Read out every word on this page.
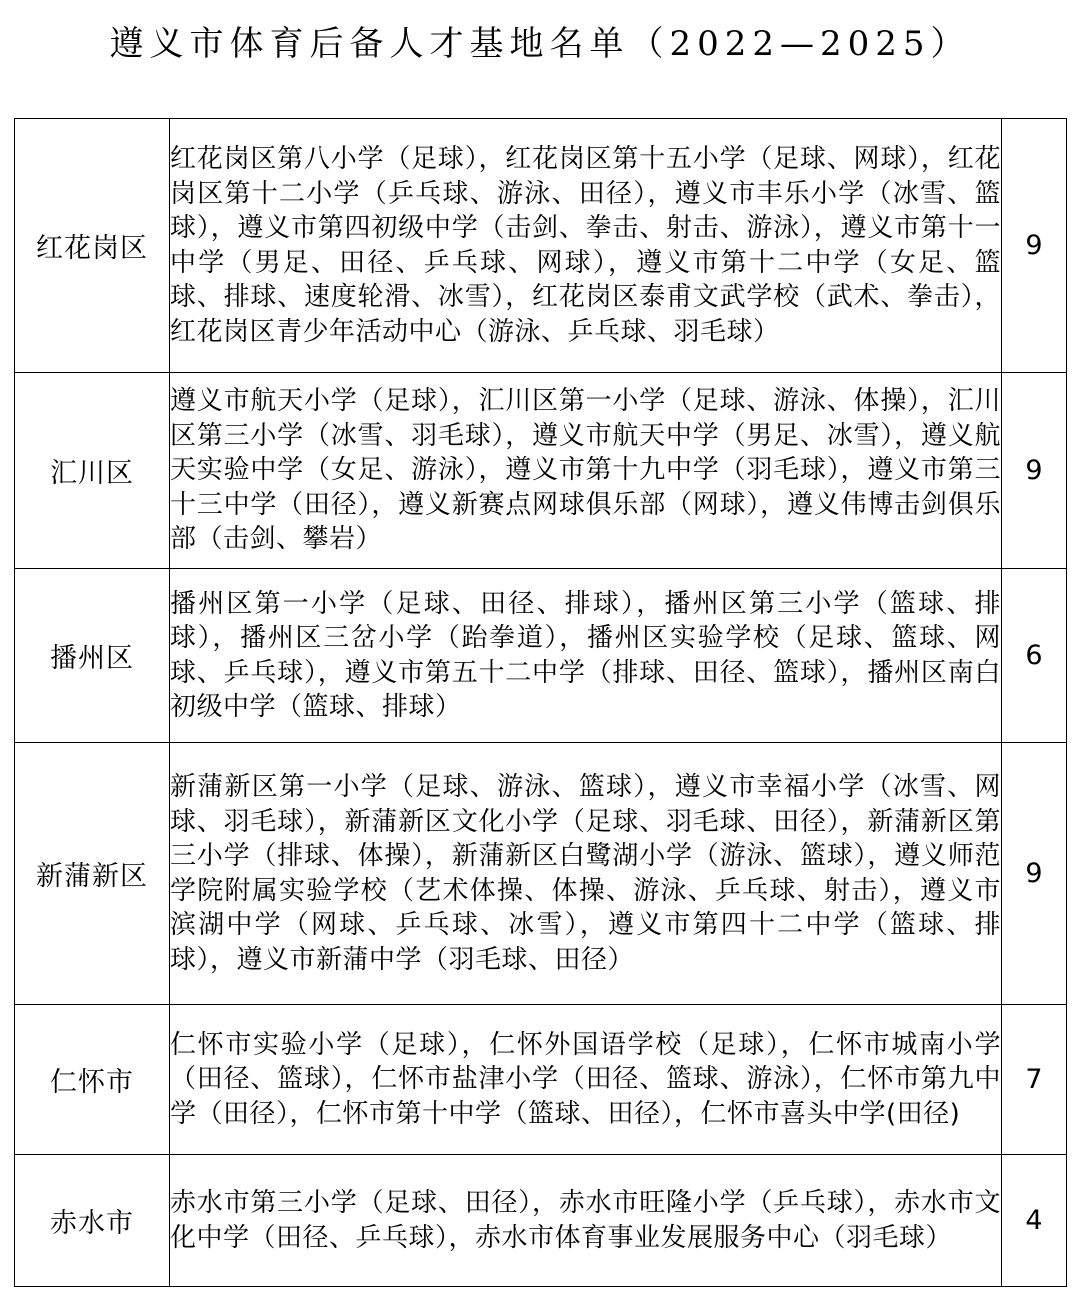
遵义市体育后备人才基地名单（2022—2025）
红花岗区	红花岗区第八小学（足球），红花岗区第十五小学（足球、网球），红花岗区第十二小学（乒乓球、游泳、田径），遵义市丰乐小学（冰雪、篮球），遵义市第四初级中学（击剑、拳击、射击、游泳），遵义市第十一中学（男足、田径、乒乓球、网球），遵义市第十二中学（女足、篮球、排球、速度轮滑、冰雪），红花岗区泰甫文武学校（武术、拳击），红花岗区青少年活动中心（游泳、乒乓球、羽毛球）	9
汇川区	遵义市航天小学（足球），汇川区第一小学（足球、游泳、体操），汇川区第三小学（冰雪、羽毛球），遵义市航天中学（男足、冰雪），遵义航天实验中学（女足、游泳），遵义市第十九中学（羽毛球），遵义市第三十三中学（田径），遵义新赛点网球俱乐部（网球），遵义伟博击剑俱乐部（击剑、攀岩）	9
播州区	播州区第一小学（足球、田径、排球），播州区第三小学（篮球、排球），播州区三岔小学（跆拳道），播州区实验学校（足球、篮球、网球、乒乓球），遵义市第五十二中学（排球、田径、篮球），播州区南白初级中学（篮球、排球）	6
新蒲新区	新蒲新区第一小学（足球、游泳、篮球），遵义市幸福小学（冰雪、网球、羽毛球），新蒲新区文化小学（足球、羽毛球、田径），新蒲新区第三小学（排球、体操），新蒲新区白鹭湖小学（游泳、篮球），遵义师范学院附属实验学校（艺术体操、体操、游泳、乒乓球、射击），遵义市滨湖中学（网球、乒乓球、冰雪），遵义市第四十二中学（篮球、排球），遵义市新蒲中学（羽毛球、田径）	9
仁怀市	仁怀市实验小学（足球），仁怀外国语学校（足球），仁怀市城南小学（田径、篮球），仁怀市盐津小学（田径、篮球、游泳），仁怀市第九中学（田径），仁怀市第十中学（篮球、田径），仁怀市喜头中学(田径)	7
赤水市	赤水市第三小学（足球、田径），赤水市旺隆小学（乒乓球），赤水市文化中学（田径、乒乓球），赤水市体育事业发展服务中心（羽毛球）	4
